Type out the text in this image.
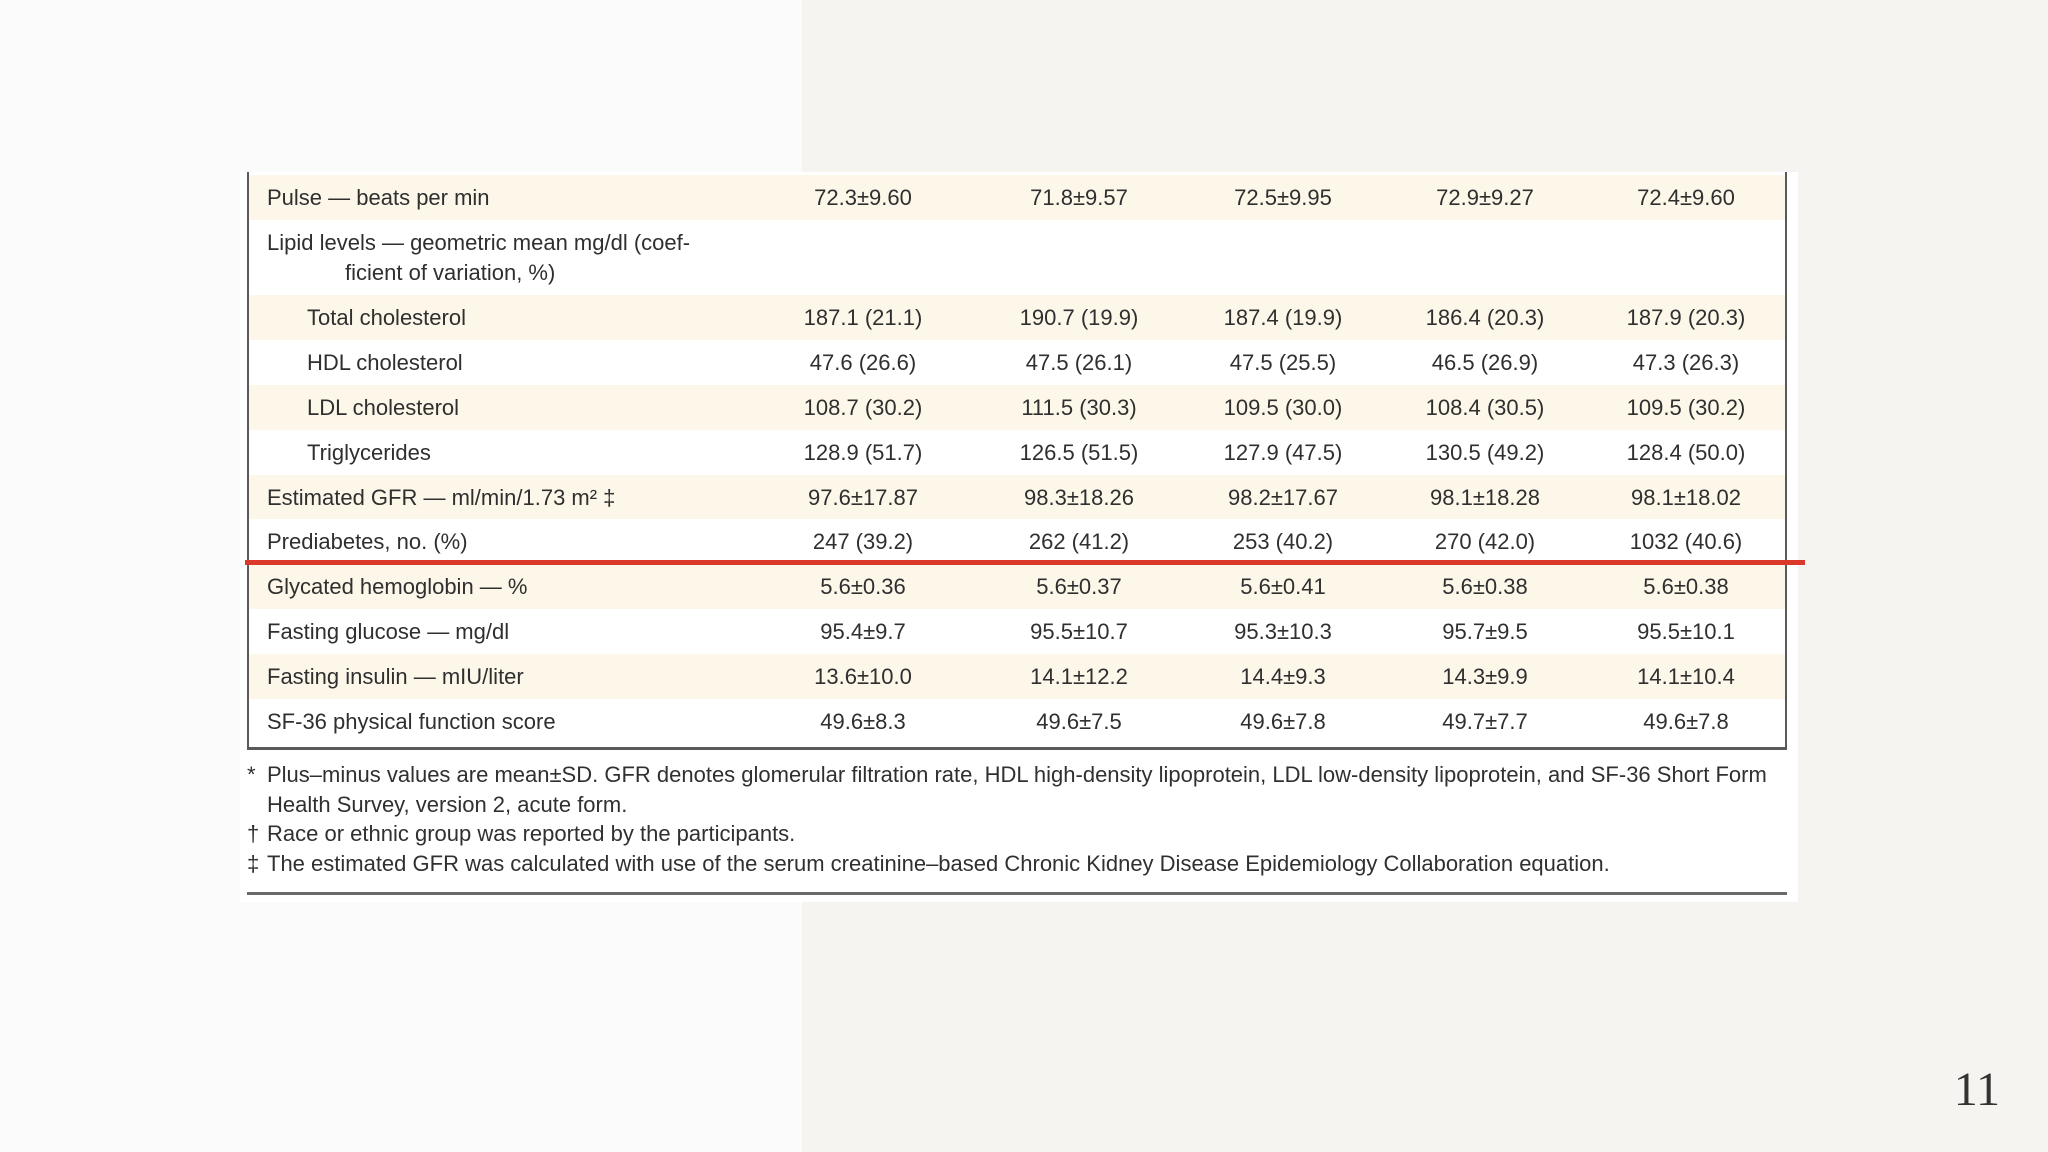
Pulse — beats per min	72.3±9.60	71.8±9.57	72.5±9.95	72.9±9.27	72.4±9.60
Lipid levels — geometric mean mg/dl (coef-
ficient of variation, %)
Total cholesterol	187.1 (21.1)	190.7 (19.9)	187.4 (19.9)	186.4 (20.3)	187.9 (20.3)
HDL cholesterol	47.6 (26.6)	47.5 (26.1)	47.5 (25.5)	46.5 (26.9)	47.3 (26.3)
LDL cholesterol	108.7 (30.2)	111.5 (30.3)	109.5 (30.0)	108.4 (30.5)	109.5 (30.2)
Triglycerides	128.9 (51.7)	126.5 (51.5)	127.9 (47.5)	130.5 (49.2)	128.4 (50.0)
Estimated GFR — ml/min/1.73 m² ‡	97.6±17.87	98.3±18.26	98.2±17.67	98.1±18.28	98.1±18.02
Prediabetes, no. (%)	247 (39.2)	262 (41.2)	253 (40.2)	270 (42.0)	1032 (40.6)
Glycated hemoglobin — %	5.6±0.36	5.6±0.37	5.6±0.41	5.6±0.38	5.6±0.38
Fasting glucose — mg/dl	95.4±9.7	95.5±10.7	95.3±10.3	95.7±9.5	95.5±10.1
Fasting insulin — mIU/liter	13.6±10.0	14.1±12.2	14.4±9.3	14.3±9.9	14.1±10.4
SF-36 physical function score	49.6±8.3	49.6±7.5	49.6±7.8	49.7±7.7	49.6±7.8
* Plus–minus values are mean±SD. GFR denotes glomerular filtration rate, HDL high-density lipoprotein, LDL low-density lipoprotein, and SF-36 Short Form Health Survey, version 2, acute form.
† Race or ethnic group was reported by the participants.
‡ The estimated GFR was calculated with use of the serum creatinine–based Chronic Kidney Disease Epidemiology Collaboration equation.
11
